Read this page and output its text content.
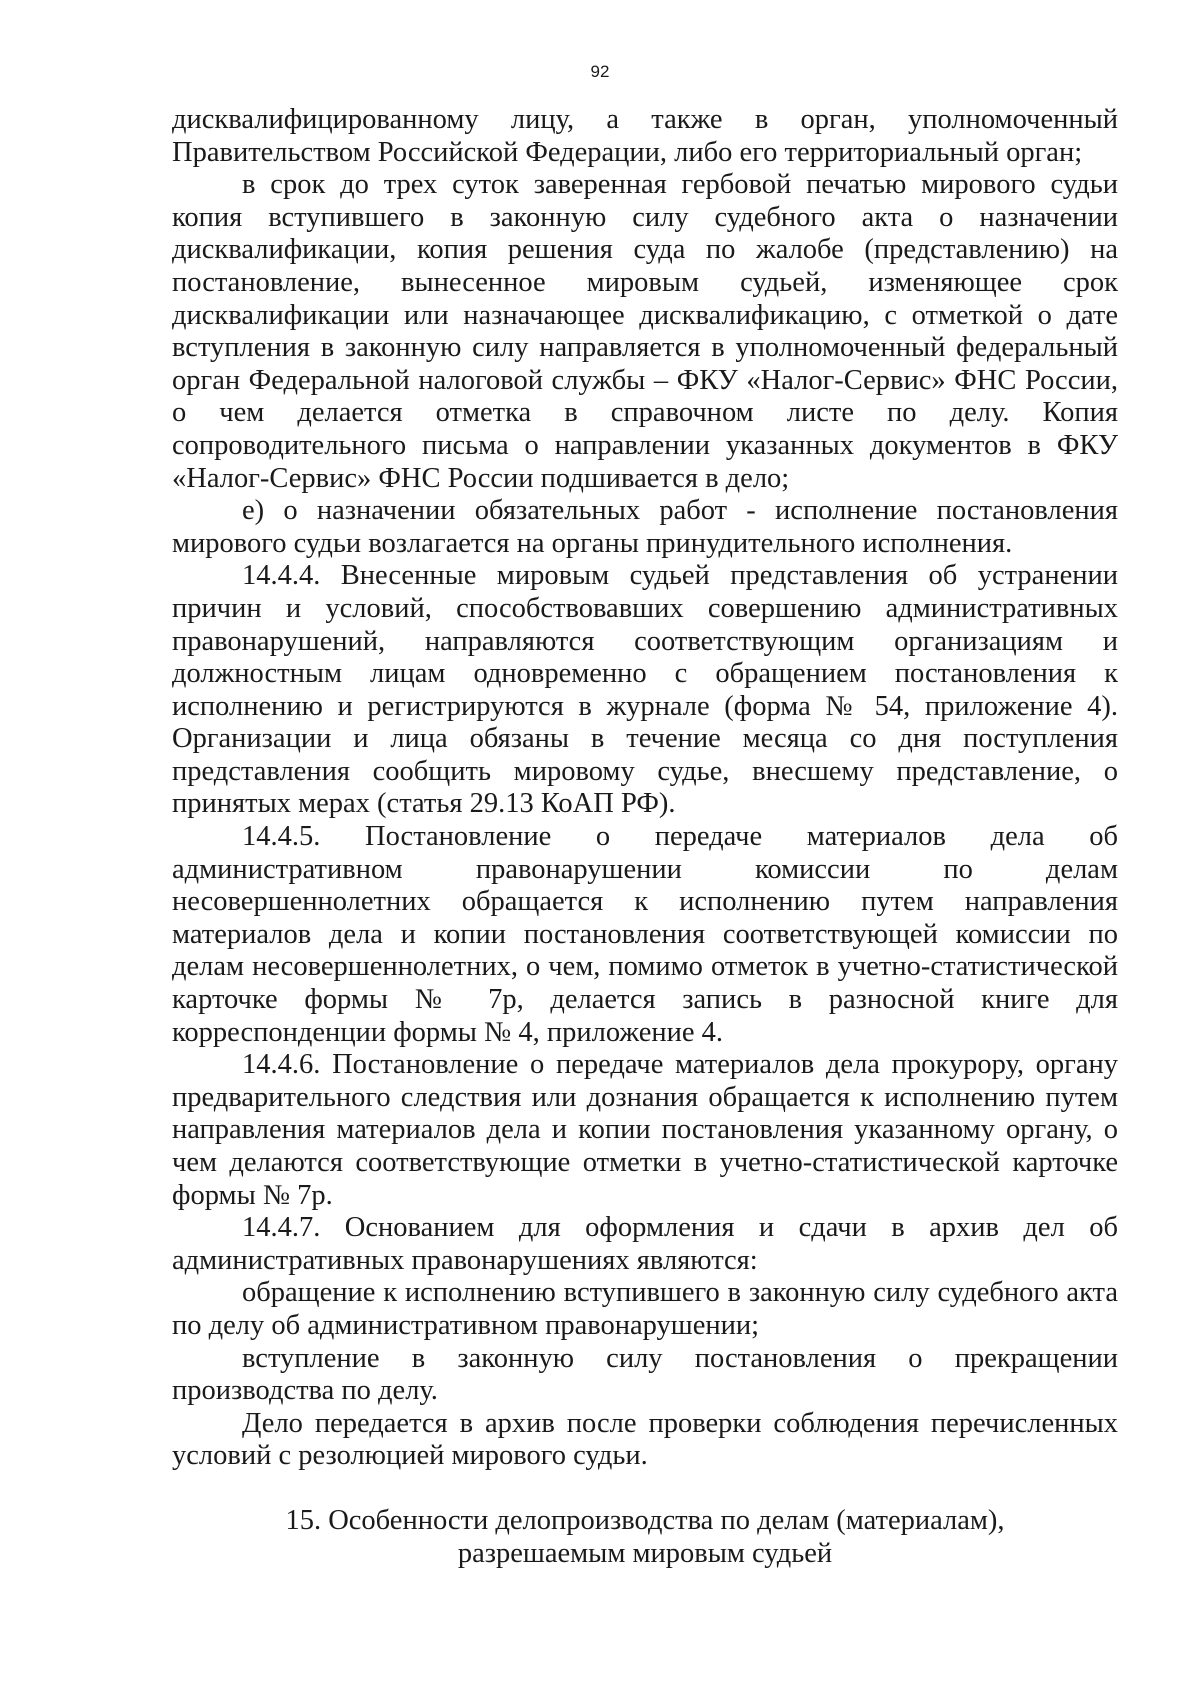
92

дисквалифицированному лицу, а также в орган, уполномоченный Правительством Российской Федерации, либо его территориальный орган;

в срок до трех суток заверенная гербовой печатью мирового судьи копия вступившего в законную силу судебного акта о назначении дисквалификации, копия решения суда по жалобе (представлению) на постановление, вынесенное мировым судьей, изменяющее срок дисквалификации или назначающее дисквалификацию, с отметкой о дате вступления в законную силу направляется в уполномоченный федеральный орган Федеральной налоговой службы – ФКУ «Налог-Сервис» ФНС России, о чем делается отметка в справочном листе по делу. Копия сопроводительного письма о направлении указанных документов в ФКУ «Налог-Сервис» ФНС России подшивается в дело;

е) о назначении обязательных работ - исполнение постановления мирового судьи возлагается на органы принудительного исполнения.

14.4.4. Внесенные мировым судьей представления об устранении причин и условий, способствовавших совершению административных правонарушений, направляются соответствующим организациям и должностным лицам одновременно с обращением постановления к исполнению и регистрируются в журнале (форма № 54, приложение 4). Организации и лица обязаны в течение месяца со дня поступления представления сообщить мировому судье, внесшему представление, о принятых мерах (статья 29.13 КоАП РФ).

14.4.5. Постановление о передаче материалов дела об административном правонарушении комиссии по делам несовершеннолетних обращается к исполнению путем направления материалов дела и копии постановления соответствующей комиссии по делам несовершеннолетних, о чем, помимо отметок в учетно-статистической карточке формы № 7р, делается запись в разносной книге для корреспонденции формы № 4, приложение 4.

14.4.6. Постановление о передаче материалов дела прокурору, органу предварительного следствия или дознания обращается к исполнению путем направления материалов дела и копии постановления указанному органу, о чем делаются соответствующие отметки в учетно-статистической карточке формы № 7р.

14.4.7. Основанием для оформления и сдачи в архив дел об административных правонарушениях являются:

обращение к исполнению вступившего в законную силу судебного акта по делу об административном правонарушении;

вступление в законную силу постановления о прекращении производства по делу.

Дело передается в архив после проверки соблюдения перечисленных условий с резолюцией мирового судьи.

15. Особенности делопроизводства по делам (материалам),
разрешаемым мировым судьей
